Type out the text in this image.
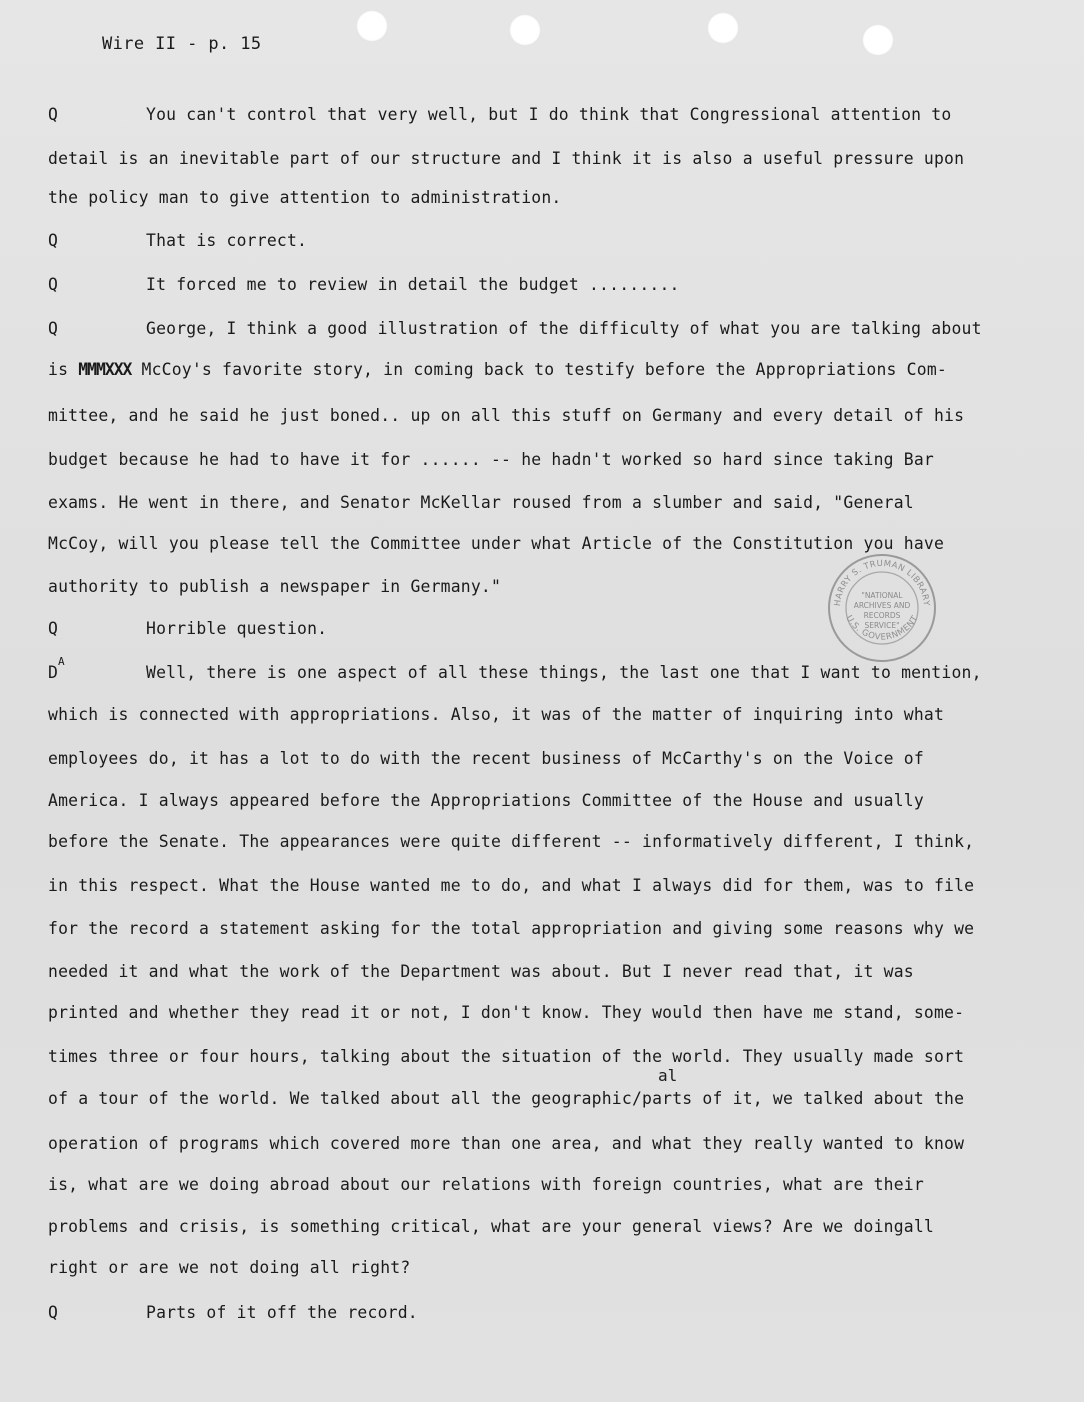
Wire II - p. 15
Q	You can't control that very well, but I do think that Congressional attention to
detail is an inevitable part of our structure and I think it is also a useful pressure upon
the policy man to give attention to administration.
Q	That is correct.
Q	It forced me to review in detail the budget .........
Q	George, I think a good illustration of the difficulty of what you are talking about
is MMMXXX McCoy's favorite story, in coming back to testify before the Appropriations Com-
mittee, and he said he just boned.. up on all this stuff on Germany and every detail of his
budget because he had to have it for ...... -- he hadn't worked so hard since taking Bar
exams. He went in there, and Senator McKellar roused from a slumber and said, "General
McCoy, will you please tell the Committee under what Article of the Constitution you have
authority to publish a newspaper in Germany."
Q	Horrible question.
D
A
Well, there is one aspect of all these things, the last one that I want to mention,
which is connected with appropriations. Also, it was of the matter of inquiring into what
employees do, it has a lot to do with the recent business of McCarthy's on the Voice of
America. I always appeared before the Appropriations Committee of the House and usually
before the Senate. The appearances were quite different -- informatively different, I think,
in this respect. What the House wanted me to do, and what I always did for them, was to file
for the record a statement asking for the total appropriation and giving some reasons why we
needed it and what the work of the Department was about. But I never read that, it was
printed and whether they read it or not, I don't know. They would then have me stand, some-
times three or four hours, talking about the situation of the world. They usually made sort
al
of a tour of the world. We talked about all the geographic/parts of it, we talked about the
operation of programs which covered more than one area, and what they really wanted to know
is, what are we doing abroad about our relations with foreign countries, what are their
problems and crisis, is something critical, what are your general views? Are we doingall
right or are we not doing all right?
Q	Parts of it off the record.
HARRY S. TRUMAN LIBRARY
U.S. GOVERNMENT
"NATIONAL
ARCHIVES AND
RECORDS
SERVICE"
